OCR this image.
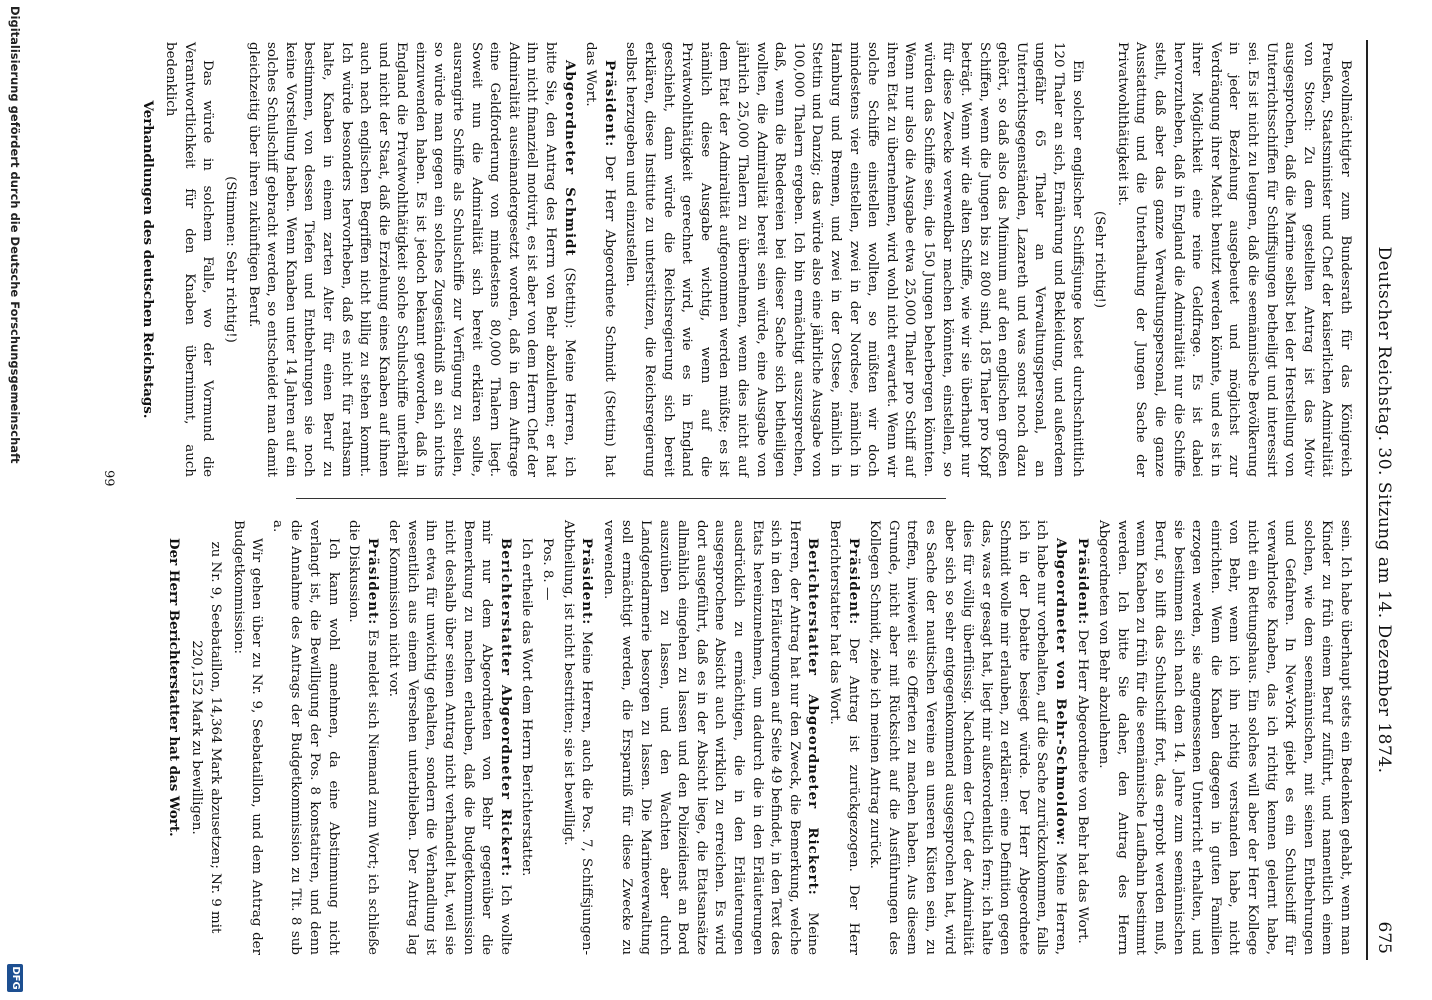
Deutscher Reichstag. 30. Sitzung am 14. Dezember 1874.
675

Bevollmächtigter zum Bundesrath für das Königreich Preußen, Staatsminister und Chef der kaiserlichen Admiralität von Stosch: Zu dem gestellten Antrag ist das Motiv ausgesprochen, daß die Marine selbst bei der Herstellung von Unterrichtsschiffen für Schiffsjungen betheiligt und interessirt sei. Es ist nicht zu leugnen, daß die seemännische Bevölkerung in jeder Beziehung ausgebeutet und möglichst zur Verdrängung ihrer Macht benutzt werden könnte, und es ist in ihrer Möglichkeit eine reine Geldfrage. Es ist dabei hervorzuheben, daß in England die Admiralität nur die Schiffe stellt, daß aber das ganze Verwaltungspersonal, die ganze Ausstattung und die Unterhaltung der Jungen Sache der Privatwohlthätigkeit ist.

(Sehr richtig!)

Ein solcher englischer Schiffsjunge kostet durchschnittlich 120 Thaler an sich, Ernährung und Bekleidung, und außerdem ungefähr 65 Thaler an Verwaltungspersonal, an Unterrichtsgegenständen, Lazareth und was sonst noch dazu gehört, so daß also das Minimum auf den englischen großen Schiffen, wenn die Jungen bis zu 800 sind, 185 Thaler pro Kopf beträgt. Wenn wir die alten Schiffe, wie wir sie überhaupt nur für diese Zwecke verwendbar machen könnten, einstellen, so würden das Schiffe sein, die 150 Jungen beherbergen könnten. Wenn nur also die Ausgabe etwa 25,000 Thaler pro Schiff auf ihren Etat zu übernehmen, wird wohl nicht erwartet. Wenn wir solche Schiffe einstellen wollten, so müßten wir doch mindestens vier einstellen, zwei in der Nordsee, nämlich in Hamburg und Bremen, und zwei in der Ostsee, nämlich in Stettin und Danzig; das würde also eine jährliche Ausgabe von 100,000 Thalern ergeben. Ich bin ermächtigt auszusprechen, daß, wenn die Rhedereien bei dieser Sache sich betheiligen wollten, die Admiralität bereit sein würde, eine Ausgabe von jährlich 25,000 Thalern zu übernehmen, wenn dies nicht auf dem Etat der Admiralität aufgenommen werden müßte; es ist nämlich diese Ausgabe wichtig, wenn auf die Privatwohlthätigkeit gerechnet wird, wie es in England geschieht, dann würde die Reichsregierung sich bereit erklären, diese Institute zu unterstützen, die Reichsregierung selbst herzugeben und einzustellen.

Präsident: Der Herr Abgeordnete Schmidt (Stettin) hat das Wort.

Abgeordneter Schmidt (Stettin): Meine Herren, ich bitte Sie, den Antrag des Herrn von Behr abzulehnen; er hat ihn nicht finanziell motivirt, es ist aber von dem Herrn Chef der Admiralität auseinandergesetzt worden, daß in dem Auftrage eine Geldforderung von mindestens 80,000 Thalern liegt. Soweit nun die Admiralität sich bereit erklären sollte, ausrangirte Schiffe als Schulschiffe zur Verfügung zu stellen, so würde man gegen ein solches Zugeständniß an sich nichts einzuwenden haben. Es ist jedoch bekannt geworden, daß in England die Privatwohlthätigkeit solche Schulschiffe unterhält und nicht der Staat, daß die Erziehung eines Knaben auf ihnen auch nach englischen Begriffen nicht billig zu stehen kommt. Ich würde besonders hervorheben, daß es nicht für rathsam halte, Knaben in einem zarten Alter für einen Beruf zu bestimmen, von dessen Tiefen und Entbehrungen sie noch keine Vorstellung haben. Wenn Knaben unter 14 Jahren auf ein solches Schulschiff gebracht werden, so entscheidet man damit gleichzeitig über ihren zukünftigen Beruf.

(Stimmen: Sehr richtig!)

Das würde in solchem Falle, wo der Vormund die Verantwortlichkeit für den Knaben übernimmt, auch bedenklich

Verhandlungen des deutschen Reichstags.

sein. Ich habe überhaupt stets ein Bedenken gehabt, wenn man Kinder zu früh einem Beruf zuführt, und namentlich einem solchen, wie dem seemännischen, mit seinen Entbehrungen und Gefahren. In New-York giebt es ein Schulschiff für verwahrloste Knaben, das ich richtig kennen gelernt habe, nicht ein Rettungshaus. Ein solches will aber der Herr Kollege von Behr, wenn ich ihn richtig verstanden habe, nicht einrichten. Wenn die Knaben dagegen in guten Familien erzogen werden, sie angemessenen Unterricht erhalten, und sie bestimmen sich nach dem 14. Jahre zum seemännischen Beruf, so hilft das Schulschiff fort, das erprobt werden muß, wenn Knaben zu früh für die seemännische Laufbahn bestimmt werden. Ich bitte Sie daher, den Antrag des Herrn Abgeordneten von Behr abzulehnen.

Präsident: Der Herr Abgeordnete von Behr hat das Wort.

Abgeordneter von Behr-Schmoldow: Meine Herren, ich habe nur vorbehalten, auf die Sache zurückzukommen, falls ich in der Debatte besiegt würde. Der Herr Abgeordnete Schmidt wolle mir erlauben, zu erklären: eine Definition gegen das, was er gesagt hat, liegt mir außerordentlich fern; ich halte dies für völlig überflüssig. Nachdem der Chef der Admiralität aber sich so sehr entgegenkommend ausgesprochen hat, wird es Sache der nautischen Vereine an unseren Küsten sein, zu treffen, inwieweit sie Offerten zu machen haben. Aus diesem Grunde, nicht aber mit Rücksicht auf die Ausführungen des Kollegen Schmidt, ziehe ich meinen Antrag zurück.

Präsident: Der Antrag ist zurückgezogen. Der Herr Berichterstatter hat das Wort.

Berichterstatter Abgeordneter Rickert: Meine Herren, der Antrag hat nur den Zweck, die Bemerkung, welche sich in den Erläuterungen auf Seite 49 befindet, in den Text des Etats hereinzunehmen, um dadurch die in den Erläuterungen ausdrücklich zu ermächtigen, die in den Erläuterungen ausgesprochene Absicht auch wirklich zu erreichen. Es wird dort ausgeführt, daß es in der Absicht liege, die Etatsansätze allmählich eingehen zu lassen und den Polizeidienst an Bord auszuüben zu lassen, und den Wachten aber durch Landgendarmerie besorgen zu lassen. Die Marineverwaltung soll ermächtigt werden, die Ersparniß für diese Zwecke zu verwenden.

Präsident: Meine Herren, auch die Pos. 7, Schiffsjungen-Abtheilung, ist nicht bestritten; sie ist bewilligt.

Pos. 8. —

Ich ertheile das Wort dem Herrn Berichterstatter.

Berichterstatter Abgeordneter Rickert: Ich wollte mir nur dem Abgeordneten von Behr gegenüber die Bemerkung zu machen erlauben, daß die Budgetkommission nicht deshalb über seinen Antrag nicht verhandelt hat, weil sie ihn etwa für unwichtig gehalten, sondern die Verhandlung ist wesentlich aus einem Versehen unterblieben. Der Antrag lag der Kommission nicht vor.

Präsident: Es meldet sich Niemand zum Wort; ich schließe die Diskussion.

Ich kann wohl annehmen, da eine Abstimmung nicht verlangt ist, die Bewilligung der Pos. 8 konstatiren, und denn die Annahme des Antrags der Budgetkommission zu Tit. 8 sub a.

Wir gehen über zu Nr. 9, Seebataillon, und dem Antrag der Budgetkommission:

zu Nr. 9, Seebataillon, 14,364 Mark abzusetzen; Nr. 9 mit 220,152 Mark zu bewilligen.

Der Herr Berichterstatter hat das Wort.

99
Digitalisierung gefördert durch die Deutsche Forschungsgemeinschaft
DFG
